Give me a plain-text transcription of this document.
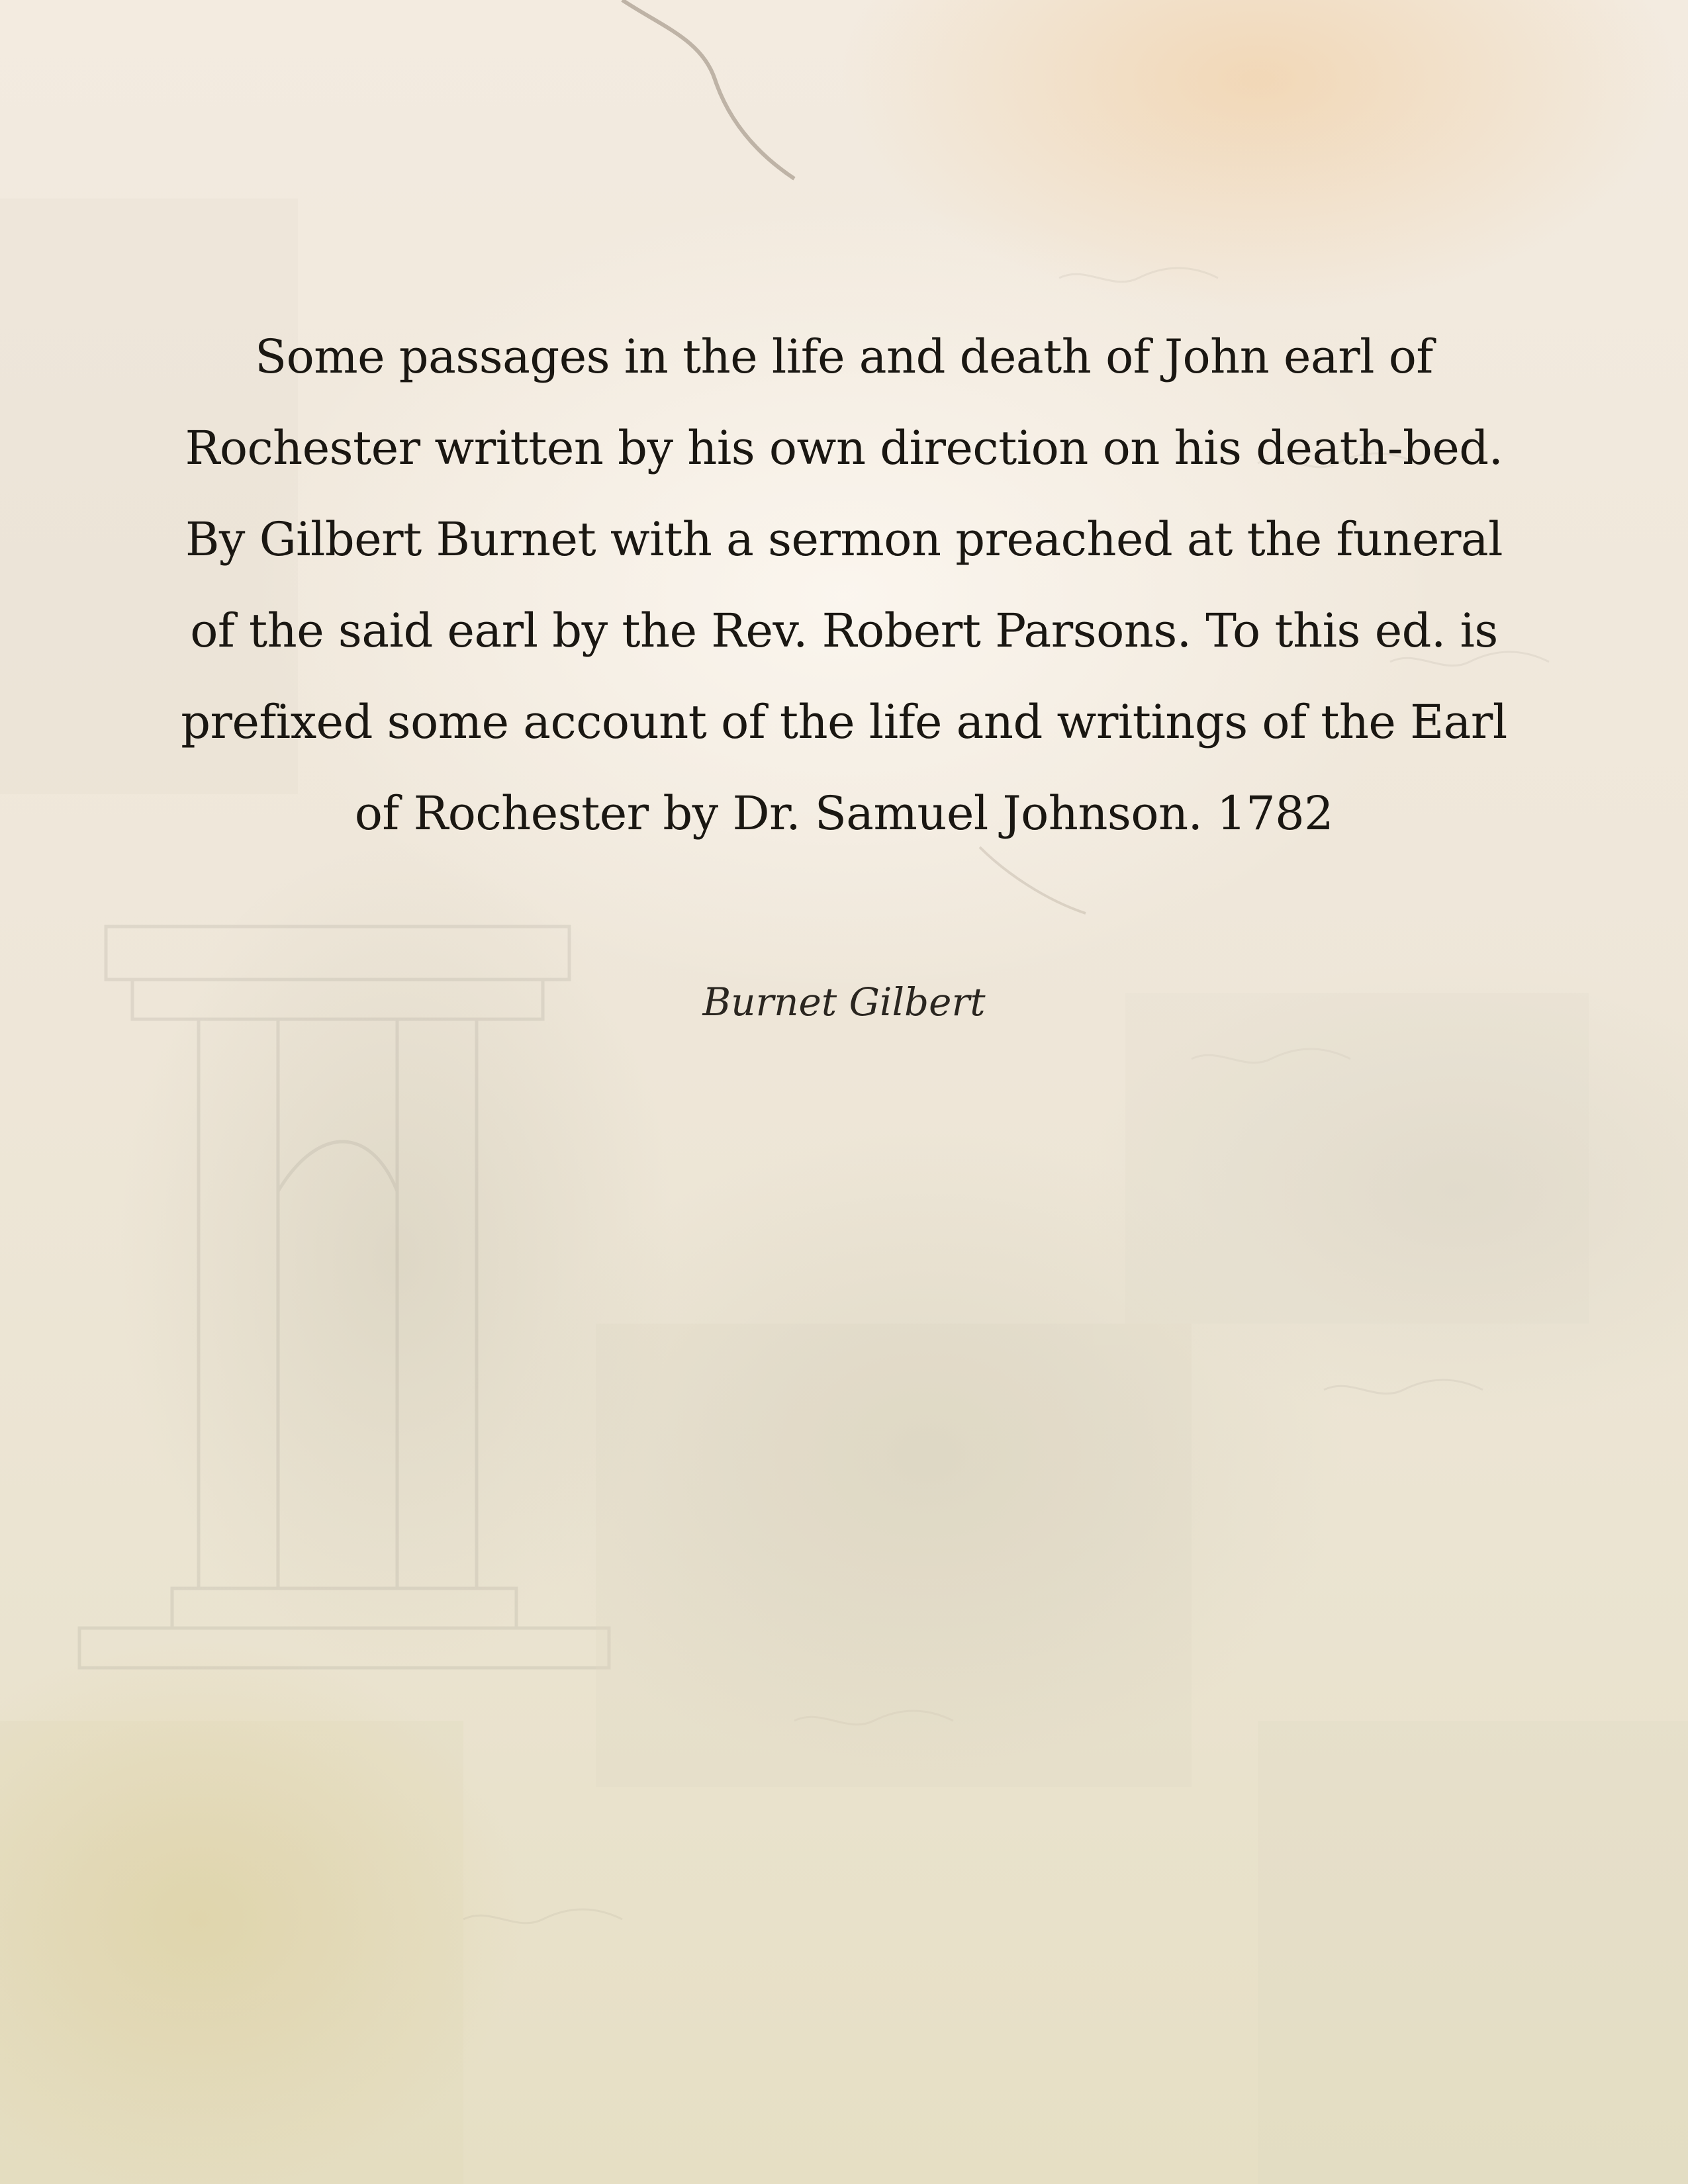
Some passages in the life and death of John earl of
Rochester written by his own direction on his death-bed.
By Gilbert Burnet with a sermon preached at the funeral
of the said earl by the Rev. Robert Parsons. To this ed. is
prefixed some account of the life and writings of the Earl
of Rochester by Dr. Samuel Johnson. 1782

Burnet Gilbert
